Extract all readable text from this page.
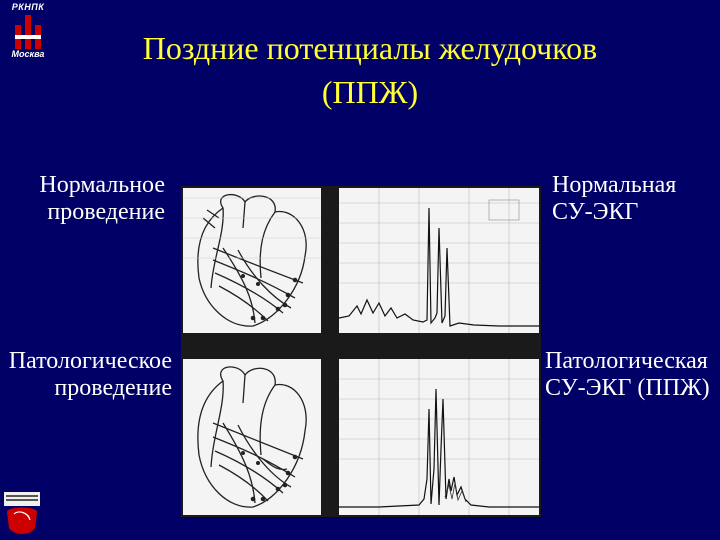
РКНПК
Москва	Поздние потенциалы желудочков
(ППЖ)
Нормальное
проведение
Нормальная
СУ-ЭКГ
Патологическое
проведение
Патологическая
СУ-ЭКГ (ППЖ)
